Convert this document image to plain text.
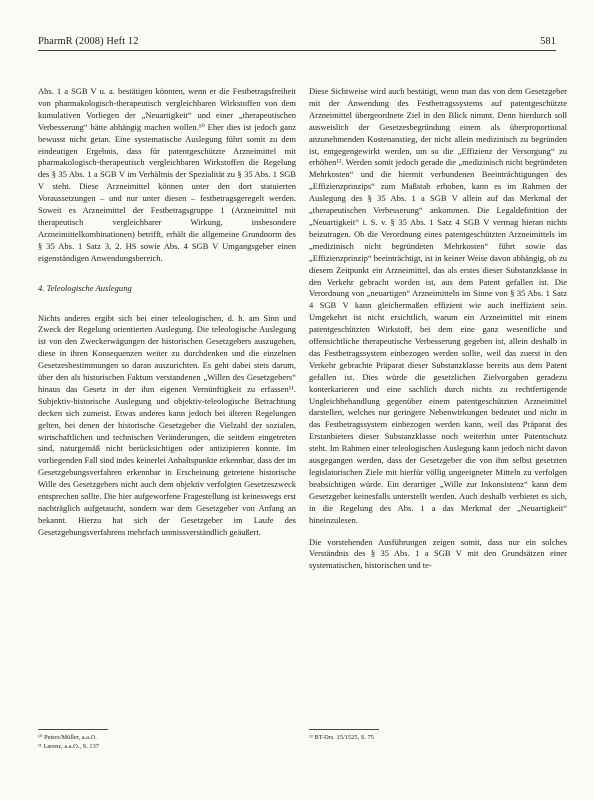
PharmR (2008) Heft 12	581

Abs. 1 a SGB V u. a. bestätigen könnten, wenn er die Festbetragsfreiheit von pharmakologisch-therapeutisch vergleichbaren Wirkstoffen von dem kumulativen Vorliegen der „Neuartigkeit“ und einer „therapeutischen Verbesserung“ hätte abhängig machen wollen.¹⁰ Eher dies ist jedoch ganz bewusst nicht getan. Eine systematische Auslegung führt somit zu dem eindeutigen Ergebnis, dass für patentgeschützte Arzneimittel mit pharmakologisch-therapeutisch vergleichbaren Wirkstoffen die Regelung des § 35 Abs. 1 a SGB V im Verhältnis der Spezialität zu § 35 Abs. 1 SGB V steht. Diese Arzneimittel können unter den dort statuierten Voraussetzungen – und nur unter diesen – festbetragsgeregelt werden. Soweit es Arzneimittel der Festbetragsgruppe 1 (Arzneimittel mit therapeutisch vergleichbarer Wirkung, insbesondere Arzneimittelkombinationen) betrifft, erhält die allgemeine Grundnorm des § 35 Abs. 1 Satz 3, 2. HS sowie Abs. 4 SGB V Umgangsgeber einen eigenständigen Anwendungsbereich.

4. Teleologische Auslegung

Nichts anderes ergibt sich bei einer teleologischen, d. h. am Sinn und Zweck der Regelung orientierten Auslegung. Die teleologische Auslegung ist von den Zweckerwägungen der historischen Gesetzgebers auszugehen, diese in ihren Konsequenzen weiter zu durchdenken und die einzelnen Gesetzesbestimmungen so daran auszurichten. Es geht dabei stets darum, über den als historischen Faktum verstandenen „Willen des Gesetzgebers“ hinaus das Gesetz in der ihm eigenen Vernünftigkeit zu erfassen¹¹. Subjektiv-historische Auslegung und objektiv-teleologische Betrachtung decken sich zumeist. Etwas anderes kann jedoch bei älteren Regelungen gelten, bei denen der historische Gesetzgeber die Vielzahl der sozialen, wirtschaftlichen und technischen Veränderungen, die seitdem eingetreten sind, naturgemäß nicht berücksichtigen oder antizipieren konnte. Im vorliegenden Fall sind indes keinerlei Anhaltspunkte erkennbar, dass der im Gesetzgebungsverfahren erkennbar in Erscheinung getretene historische Wille des Gesetzgebers nicht auch dem objektiv verfolgten Gesetzeszweck entsprechen sollte. Die hier aufgeworfene Fragestellung ist keineswegs erst nachträglich aufgetaucht, sondern war dem Gesetzgeber von Anfang an bekannt. Hierzu hat sich der Gesetzgeber im Laufe des Gesetzgebungsverfahrens mehrfach unmissverständlich geäußert.

Diese Sichtweise wird auch bestätigt, wenn man das von dem Gesetzgeber mit der Anwendung des Festbetragssystems auf patentgeschützte Arzneimittel übergeordnete Ziel in den Blick nimmt. Denn hierdurch soll ausweislich der Gesetzesbegründung einem als überproportional anzunehmenden Kostenanstieg, der nicht allein medizinisch zu begründen ist, entgegengewirkt werden, um so die „Effizienz der Versorgung“ zu erhöhen¹². Werden somit jedoch gerade die „medizinisch nicht begründeten Mehrkosten“ und die hiermit verbundenen Beeinträchtigungen des „Effizienzprinzips“ zum Maßstab erhoben, kann es im Rahmen der Auslegung des § 35 Abs. 1 a SGB V allein auf das Merkmal der „therapeutischen Verbesserung“ ankommen. Die Legaldefinition der „Neuartigkeit“ i. S. v. § 35 Abs. 1 Satz 4 SGB V vermag hieran nichts beizutragen. Ob die Verordnung eines patentgeschützten Arzneimittels im „medizinisch nicht begründeten Mehrkosten“ führt sowie das „Effizienzprinzip“ beeinträchtigt, ist in keiner Weise davon abhängig, ob zu diesem Zeitpunkt ein Arzneimittel, das als erstes dieser Substanzklasse in den Verkehr gebracht worden ist, aus dem Patent gefallen ist. Die Verordnung von „neuartigen“ Arzneimitteln im Sinne von § 35 Abs. 1 Satz 4 SGB V kann gleichermaßen effizient wie auch ineffizient sein. Umgekehrt ist nicht ersichtlich, warum ein Arzneimittel mit einem patentgeschützten Wirkstoff, bei dem eine ganz wesentliche und offensichtliche therapeutische Verbesserung gegeben ist, allein deshalb in das Festbetragssystem einbezogen werden sollte, weil das zuerst in den Verkehr gebrachte Präparat dieser Substanzklasse bereits aus dem Patent gefallen ist. Dies würde die gesetzlichen Zielvorgaben geradezu konterkarieren und eine sachlich durch nichts zu rechtfertigende Ungleichbehandlung gegenüber einem patentgeschützten Arzneimittel darstellen, welches nur geringere Nebenwirkungen bedeutet und nicht in das Festbetragssystem einbezogen werden kann, weil das Präparat des Erstanbieters dieser Substanzklasse noch weiterhin unter Patentschutz steht. Im Rahmen einer teleologischen Auslegung kann jedoch nicht davon ausgegangen werden, dass der Gesetzgeber die von ihm selbst gesetzten legislatorischen Ziele mit hierfür völlig ungeeigneter Mitteln zu verfolgen beabsichtigen würde. Ein derartiger „Wille zur Inkonsistenz“ kann dem Gesetzgeber keinesfalls unterstellt werden. Auch deshalb verbietet es sich, in die Regelung des Abs. 1 a das Merkmal der „Neuartigkeit“ hineinzulesen.

Die vorstehenden Ausführungen zeigen somit, dass nur ein solches Verständnis des § 35 Abs. 1 a SGB V mit den Grundsätzen einer systematischen, historischen und te-

¹⁰ Peters/Müller, a.a.O.
¹¹ Larenz, a.a.O., S. 137
¹² BT-Drs. 15/1525, S. 75
